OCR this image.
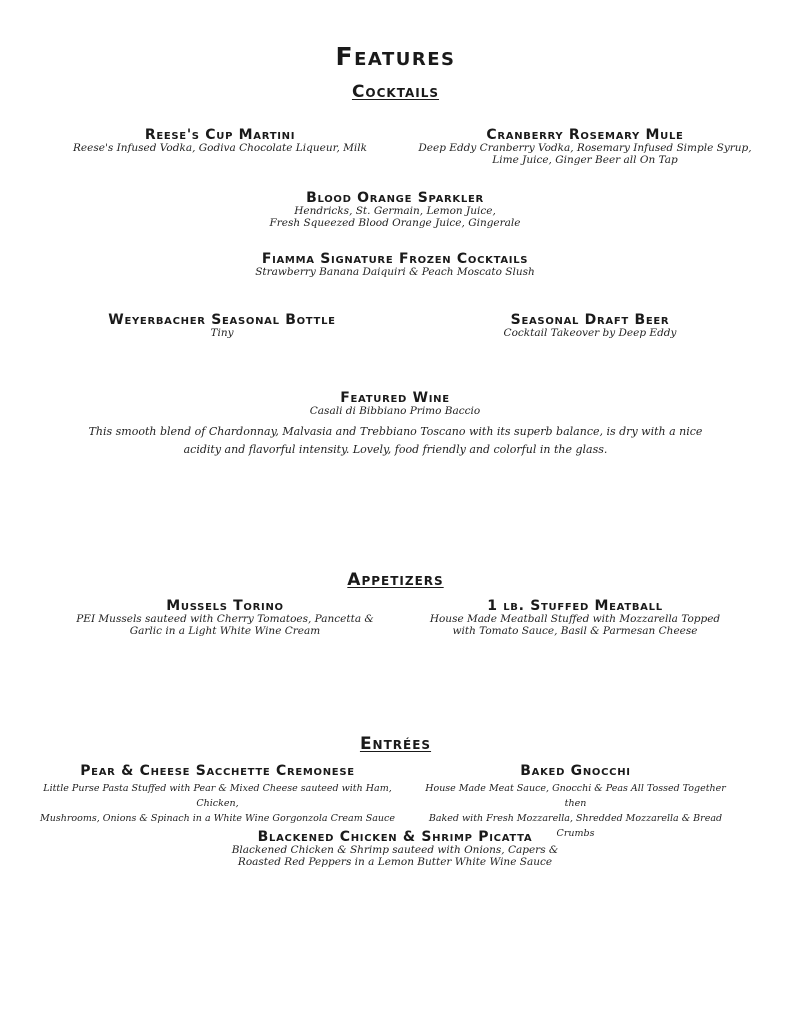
Features
Cocktails
Reese's Cup Martini
Reese's Infused Vodka, Godiva Chocolate Liqueur, Milk
Cranberry Rosemary Mule
Deep Eddy Cranberry Vodka, Rosemary Infused Simple Syrup,
Lime Juice, Ginger Beer all On Tap
Blood Orange Sparkler
Hendricks, St. Germain, Lemon Juice,
Fresh Squeezed Blood Orange Juice, Gingerale
Fiamma Signature Frozen Cocktails
Strawberry Banana Daiquiri & Peach Moscato Slush
Weyerbacher Seasonal Bottle
Tiny
Seasonal Draft Beer
Cocktail Takeover by Deep Eddy
Featured Wine
Casali di Bibbiano Primo Baccio
This smooth blend of Chardonnay, Malvasia and Trebbiano Toscano with its superb balance, is dry with a nice
acidity and flavorful intensity. Lovely, food friendly and colorful in the glass.
Appetizers
Mussels Torino
PEI Mussels sauteed with Cherry Tomatoes, Pancetta &
Garlic in a Light White Wine Cream
1 lb. Stuffed Meatball
House Made Meatball Stuffed with Mozzarella Topped
with Tomato Sauce, Basil & Parmesan Cheese
Entrées
Pear & Cheese Sacchette Cremonese
Little Purse Pasta Stuffed with Pear & Mixed Cheese sauteed with Ham, Chicken,
Mushrooms, Onions & Spinach in a White Wine Gorgonzola Cream Sauce
Baked Gnocchi
House Made Meat Sauce, Gnocchi & Peas All Tossed Together then
Baked with Fresh Mozzarella, Shredded Mozzarella & Bread Crumbs
Blackened Chicken & Shrimp Picatta
Blackened Chicken & Shrimp sauteed with Onions, Capers &
Roasted Red Peppers in a Lemon Butter White Wine Sauce
